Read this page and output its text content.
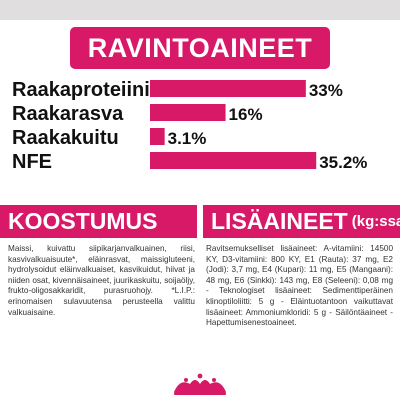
RAVINTOAINEET
Raakaproteiini	33%
Raakarasva	16%
Raakakuitu	3.1%
NFE	35.2%
KOOSTUMUS LISÄAINEET (kg:ssa)
Maissi, kuivattu siipikarjanvalkuainen, riisi, kasvivalkuaisuute*, eläinrasvat, maissigluteeni, hydrolysoidut eläinvalkuaiset, kasvikuidut, hiivat ja niiden osat, kivennäisaineet, juurikaskuitu, soijaöljy, frukto-oligosakkaridit, purasruohojy. *L.I.P.: erinomaisen sulavuutensa perusteella valittu valkuaisaine.
Ravitsemukselliset lisäaineet: A-vitamiini: 14500 KY, D3-vitamiini: 800 KY, E1 (Rauta): 37 mg, E2 (Jodi): 3,7 mg, E4 (Kupari): 11 mg, E5 (Mangaani): 48 mg, E6 (Sinkki): 143 mg, E8 (Seleeni): 0,08 mg - Teknologiset lisäaineet: Sedimenttiperäinen klinoptiloliitti: 5 g - Eläintuotantoon vaikuttavat lisäaineet: Ammoniumkloridi: 5 g - Säilöntäaineet - Hapettumisenestoaineet.
